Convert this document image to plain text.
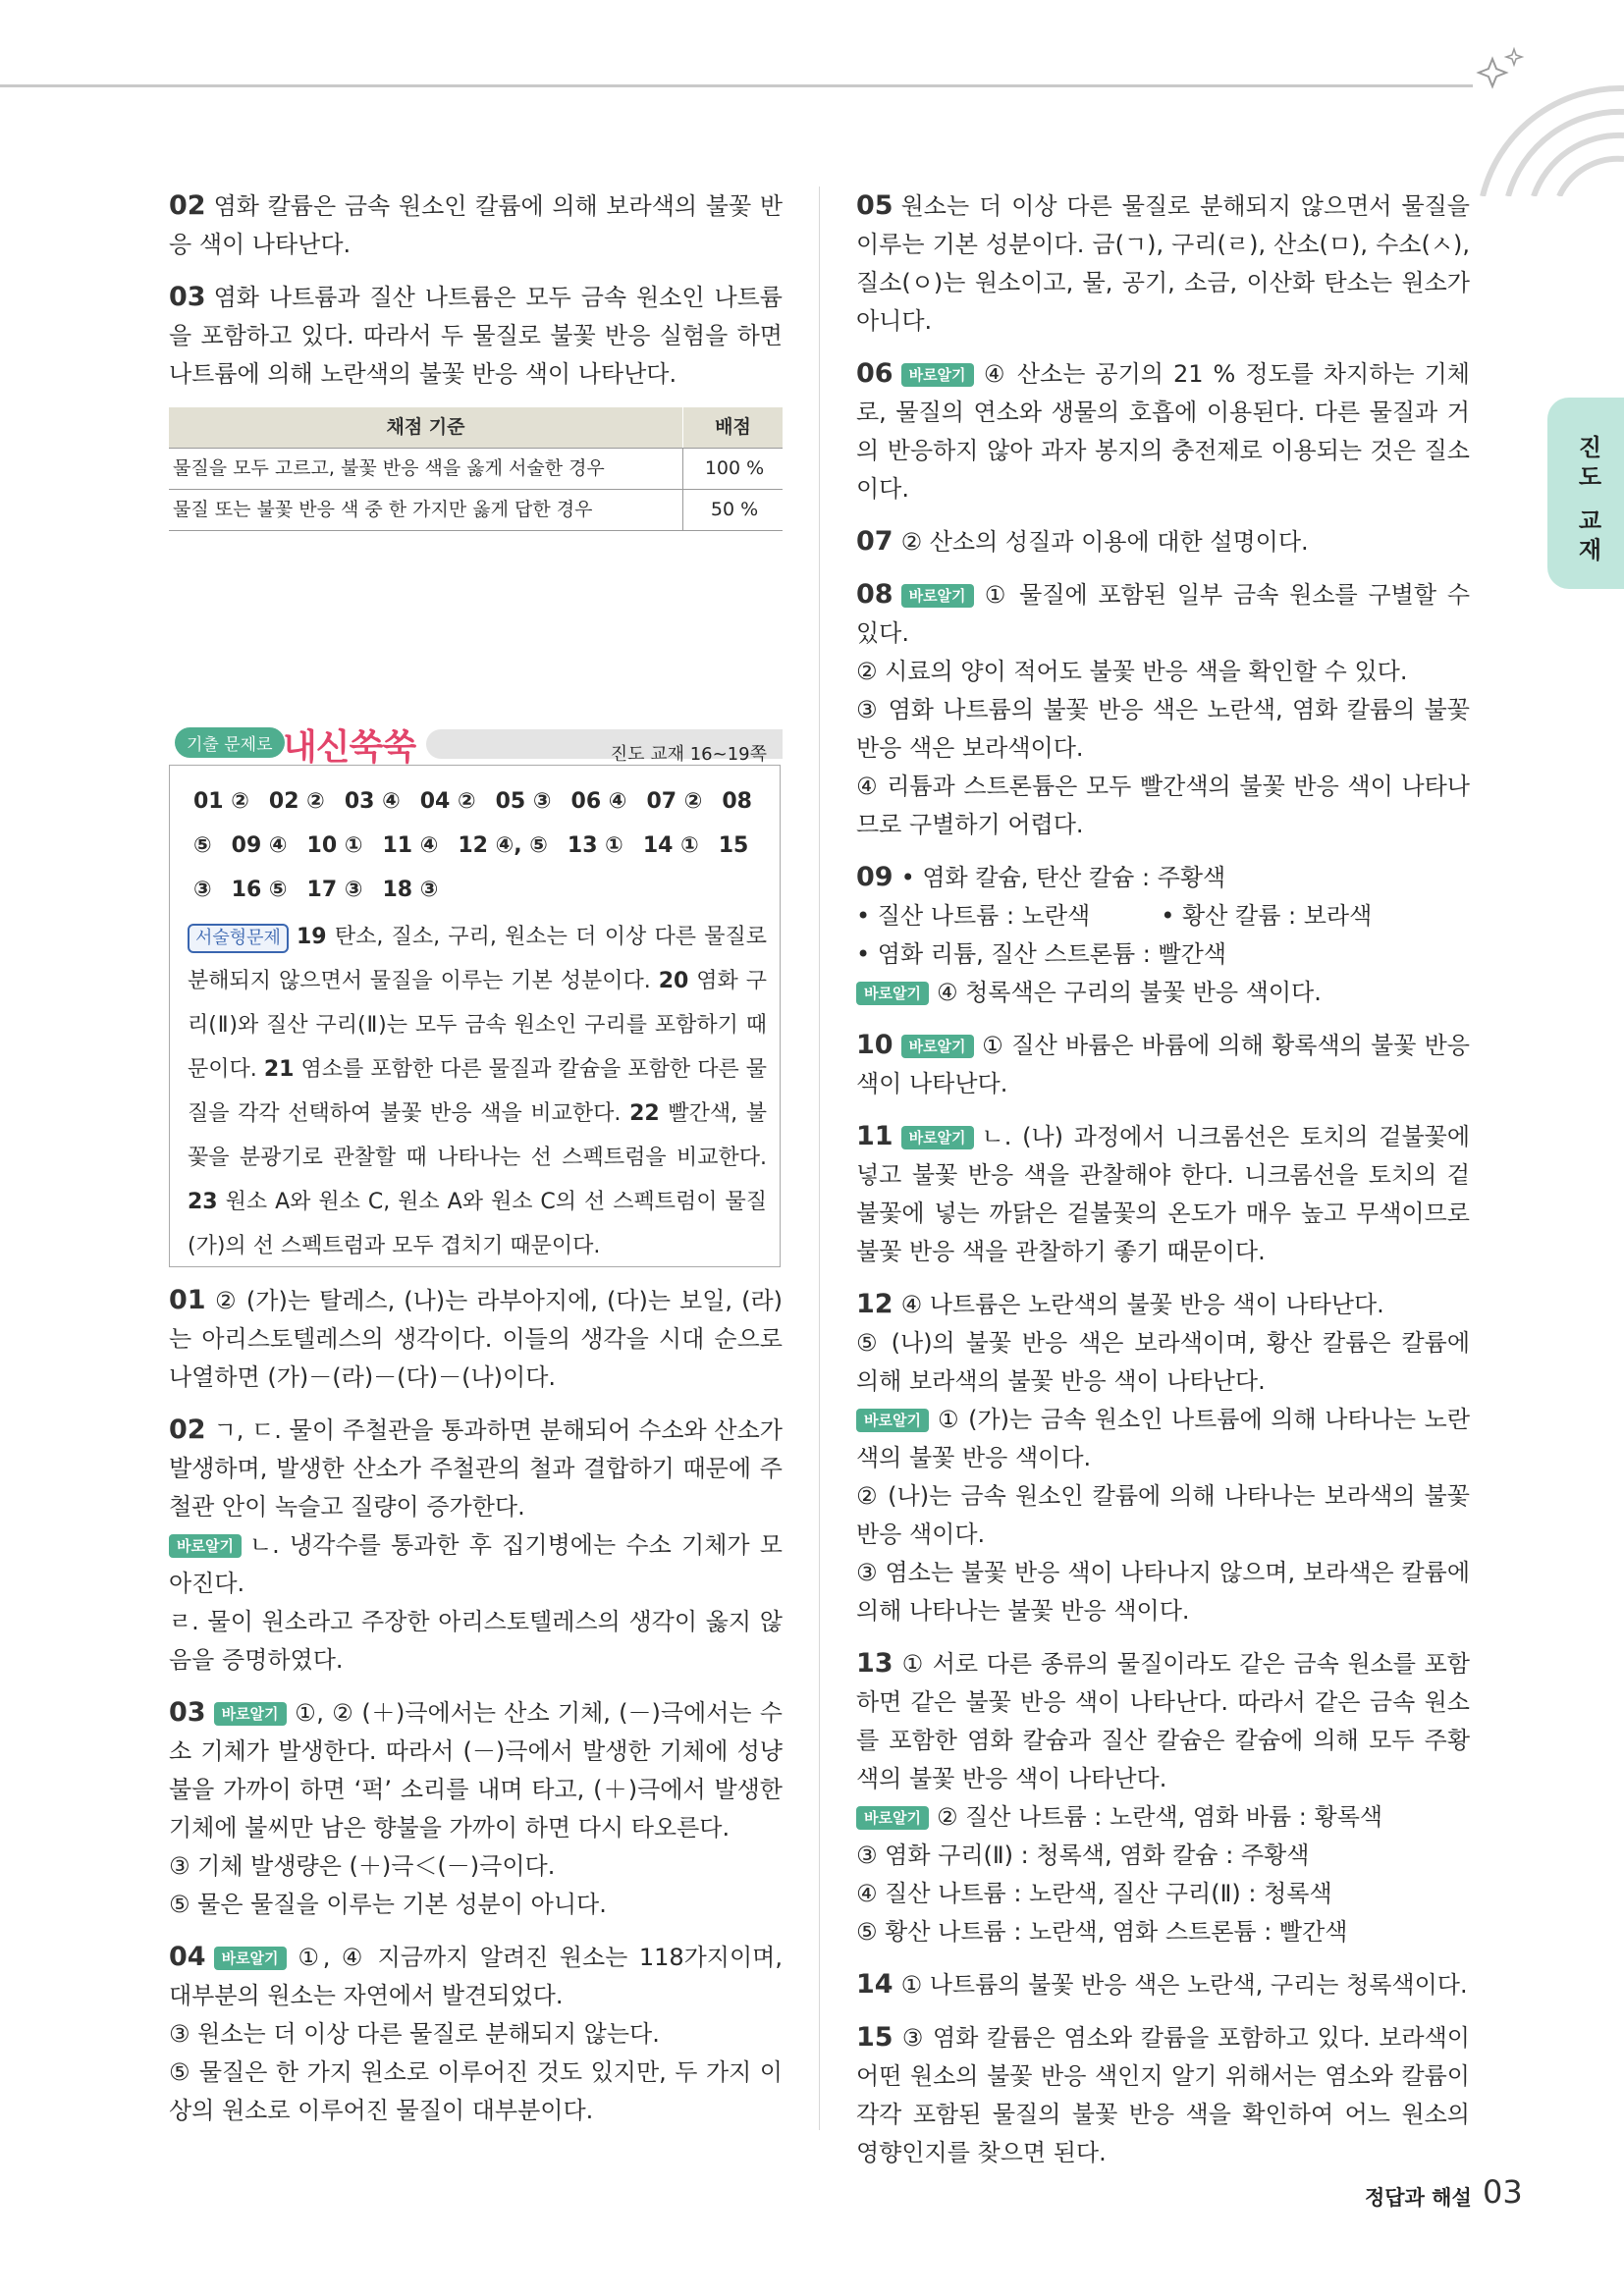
진도 교재

02 염화 칼륨은 금속 원소인 칼륨에 의해 보라색의 불꽃 반응 색이 나타난다.

03 염화 나트륨과 질산 나트륨은 모두 금속 원소인 나트륨을 포함하고 있다. 따라서 두 물질로 불꽃 반응 실험을 하면 나트륨에 의해 노란색의 불꽃 반응 색이 나타난다.

채점 기준	배점
물질을 모두 고르고, 불꽃 반응 색을 옳게 서술한 경우	100 %
물질 또는 불꽃 반응 색 중 한 가지만 옳게 답한 경우	50 %
진도 교재 16~19쪽
기출 문제로 내신쑥쑥
01 ② 02 ② 03 ④ 04 ② 05 ③ 06 ④ 07 ② 08 ⑤ 09 ④ 10 ① 11 ④ 12 ④, ⑤ 13 ① 14 ① 15 ③ 16 ⑤ 17 ③ 18 ③
서술형문제 19 탄소, 질소, 구리, 원소는 더 이상 다른 물질로 분해되지 않으면서 물질을 이루는 기본 성분이다. 20 염화 구리(Ⅱ)와 질산 구리(Ⅱ)는 모두 금속 원소인 구리를 포함하기 때문이다. 21 염소를 포함한 다른 물질과 칼슘을 포함한 다른 물질을 각각 선택하여 불꽃 반응 색을 비교한다. 22 빨간색, 불꽃을 분광기로 관찰할 때 나타나는 선 스펙트럼을 비교한다. 23 원소 A와 원소 C, 원소 A와 원소 C의 선 스펙트럼이 물질 (가)의 선 스펙트럼과 모두 겹치기 때문이다.

01 ② (가)는 탈레스, (나)는 라부아지에, (다)는 보일, (라)는 아리스토텔레스의 생각이다. 이들의 생각을 시대 순으로 나열하면 (가)－(라)－(다)－(나)이다.

02 ㄱ, ㄷ. 물이 주철관을 통과하면 분해되어 수소와 산소가 발생하며, 발생한 산소가 주철관의 철과 결합하기 때문에 주철관 안이 녹슬고 질량이 증가한다.

바로알기 ㄴ. 냉각수를 통과한 후 집기병에는 수소 기체가 모아진다.

ㄹ. 물이 원소라고 주장한 아리스토텔레스의 생각이 옳지 않음을 증명하였다.

03 바로알기 ①, ② (＋)극에서는 산소 기체, (－)극에서는 수소 기체가 발생한다. 따라서 (－)극에서 발생한 기체에 성냥불을 가까이 하면 ‘퍽’ 소리를 내며 타고, (＋)극에서 발생한 기체에 불씨만 남은 향불을 가까이 하면 다시 타오른다.

③ 기체 발생량은 (＋)극＜(－)극이다.

⑤ 물은 물질을 이루는 기본 성분이 아니다.

04 바로알기 ①, ④ 지금까지 알려진 원소는 118가지이며, 대부분의 원소는 자연에서 발견되었다.

③ 원소는 더 이상 다른 물질로 분해되지 않는다.

⑤ 물질은 한 가지 원소로 이루어진 것도 있지만, 두 가지 이상의 원소로 이루어진 물질이 대부분이다.

05 원소는 더 이상 다른 물질로 분해되지 않으면서 물질을 이루는 기본 성분이다. 금(ㄱ), 구리(ㄹ), 산소(ㅁ), 수소(ㅅ), 질소(ㅇ)는 원소이고, 물, 공기, 소금, 이산화 탄소는 원소가 아니다.

06 바로알기 ④ 산소는 공기의 21 % 정도를 차지하는 기체로, 물질의 연소와 생물의 호흡에 이용된다. 다른 물질과 거의 반응하지 않아 과자 봉지의 충전제로 이용되는 것은 질소이다.

07 ② 산소의 성질과 이용에 대한 설명이다.

08 바로알기 ① 물질에 포함된 일부 금속 원소를 구별할 수 있다.

② 시료의 양이 적어도 불꽃 반응 색을 확인할 수 있다.

③ 염화 나트륨의 불꽃 반응 색은 노란색, 염화 칼륨의 불꽃 반응 색은 보라색이다.

④ 리튬과 스트론튬은 모두 빨간색의 불꽃 반응 색이 나타나므로 구별하기 어렵다.

09 • 염화 칼슘, 탄산 칼슘 : 주황색

• 질산 나트륨 : 노란색　　　• 황산 칼륨 : 보라색

• 염화 리튬, 질산 스트론튬 : 빨간색

바로알기 ④ 청록색은 구리의 불꽃 반응 색이다.

10 바로알기 ① 질산 바륨은 바륨에 의해 황록색의 불꽃 반응 색이 나타난다.

11 바로알기 ㄴ. (나) 과정에서 니크롬선은 토치의 겉불꽃에 넣고 불꽃 반응 색을 관찰해야 한다. 니크롬선을 토치의 겉불꽃에 넣는 까닭은 겉불꽃의 온도가 매우 높고 무색이므로 불꽃 반응 색을 관찰하기 좋기 때문이다.

12 ④ 나트륨은 노란색의 불꽃 반응 색이 나타난다.

⑤ (나)의 불꽃 반응 색은 보라색이며, 황산 칼륨은 칼륨에 의해 보라색의 불꽃 반응 색이 나타난다.

바로알기 ① (가)는 금속 원소인 나트륨에 의해 나타나는 노란색의 불꽃 반응 색이다.

② (나)는 금속 원소인 칼륨에 의해 나타나는 보라색의 불꽃 반응 색이다.

③ 염소는 불꽃 반응 색이 나타나지 않으며, 보라색은 칼륨에 의해 나타나는 불꽃 반응 색이다.

13 ① 서로 다른 종류의 물질이라도 같은 금속 원소를 포함하면 같은 불꽃 반응 색이 나타난다. 따라서 같은 금속 원소를 포함한 염화 칼슘과 질산 칼슘은 칼슘에 의해 모두 주황색의 불꽃 반응 색이 나타난다.

바로알기 ② 질산 나트륨 : 노란색, 염화 바륨 : 황록색

③ 염화 구리(Ⅱ) : 청록색, 염화 칼슘 : 주황색

④ 질산 나트륨 : 노란색, 질산 구리(Ⅱ) : 청록색

⑤ 황산 나트륨 : 노란색, 염화 스트론튬 : 빨간색

14 ① 나트륨의 불꽃 반응 색은 노란색, 구리는 청록색이다.

15 ③ 염화 칼륨은 염소와 칼륨을 포함하고 있다. 보라색이 어떤 원소의 불꽃 반응 색인지 알기 위해서는 염소와 칼륨이 각각 포함된 물질의 불꽃 반응 색을 확인하여 어느 원소의 영향인지를 찾으면 된다.

정답과 해설 03
